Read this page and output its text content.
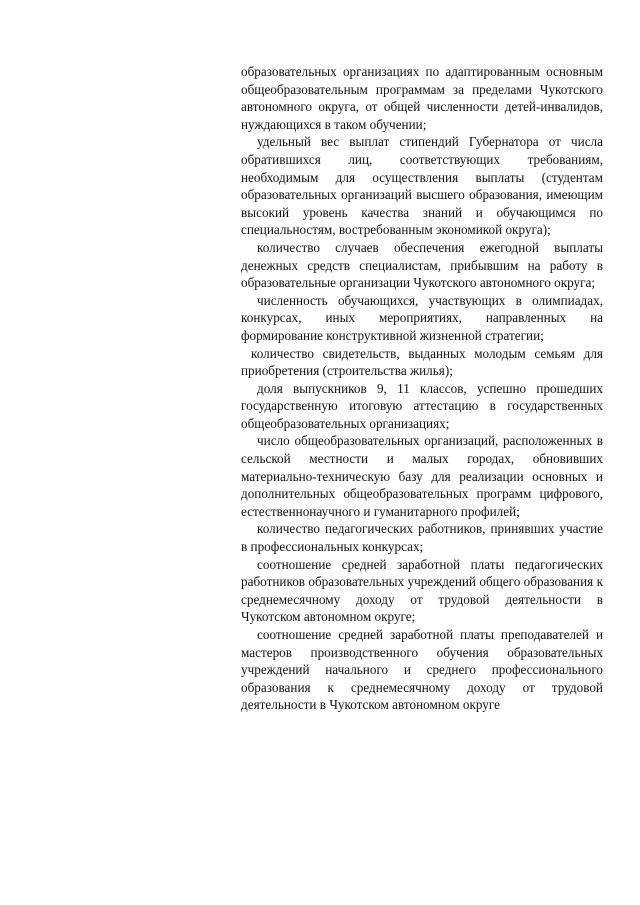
образовательных организациях по адаптированным основным общеобразовательным программам за пределами Чукотского автономного округа, от общей численности детей-инвалидов, нуждающихся в таком обучении;

удельный вес выплат стипендий Губернатора от числа обратившихся лиц, соответствующих требованиям, необходимым для осуществления выплаты (студентам образовательных организаций высшего образования, имеющим высокий уровень качества знаний и обучающимся по специальностям, востребованным экономикой округа);

количество случаев обеспечения ежегодной выплаты денежных средств специалистам, прибывшим на работу в образовательные организации Чукотского автономного округа;

численность обучающихся, участвующих в олимпиадах, конкурсах, иных мероприятиях, направленных на формирование конструктивной жизненной стратегии;

количество свидетельств, выданных молодым семьям для приобретения (строительства жилья);

доля выпускников 9, 11 классов, успешно прошедших государственную итоговую аттестацию в государственных общеобразовательных организациях;

число общеобразовательных организаций, расположенных в сельской местности и малых городах, обновивших материально-техническую базу для реализации основных и дополнительных общеобразовательных программ цифрового, естественнонаучного и гуманитарного профилей;

количество педагогических работников, принявших участие в профессиональных конкурсах;

соотношение средней заработной платы педагогических работников образовательных учреждений общего образования к среднемесячному доходу от трудовой деятельности в Чукотском автономном округе;

соотношение средней заработной платы преподавателей и мастеров производственного обучения образовательных учреждений начального и среднего профессионального образования к среднемесячному доходу от трудовой деятельности в Чукотском автономном округе
